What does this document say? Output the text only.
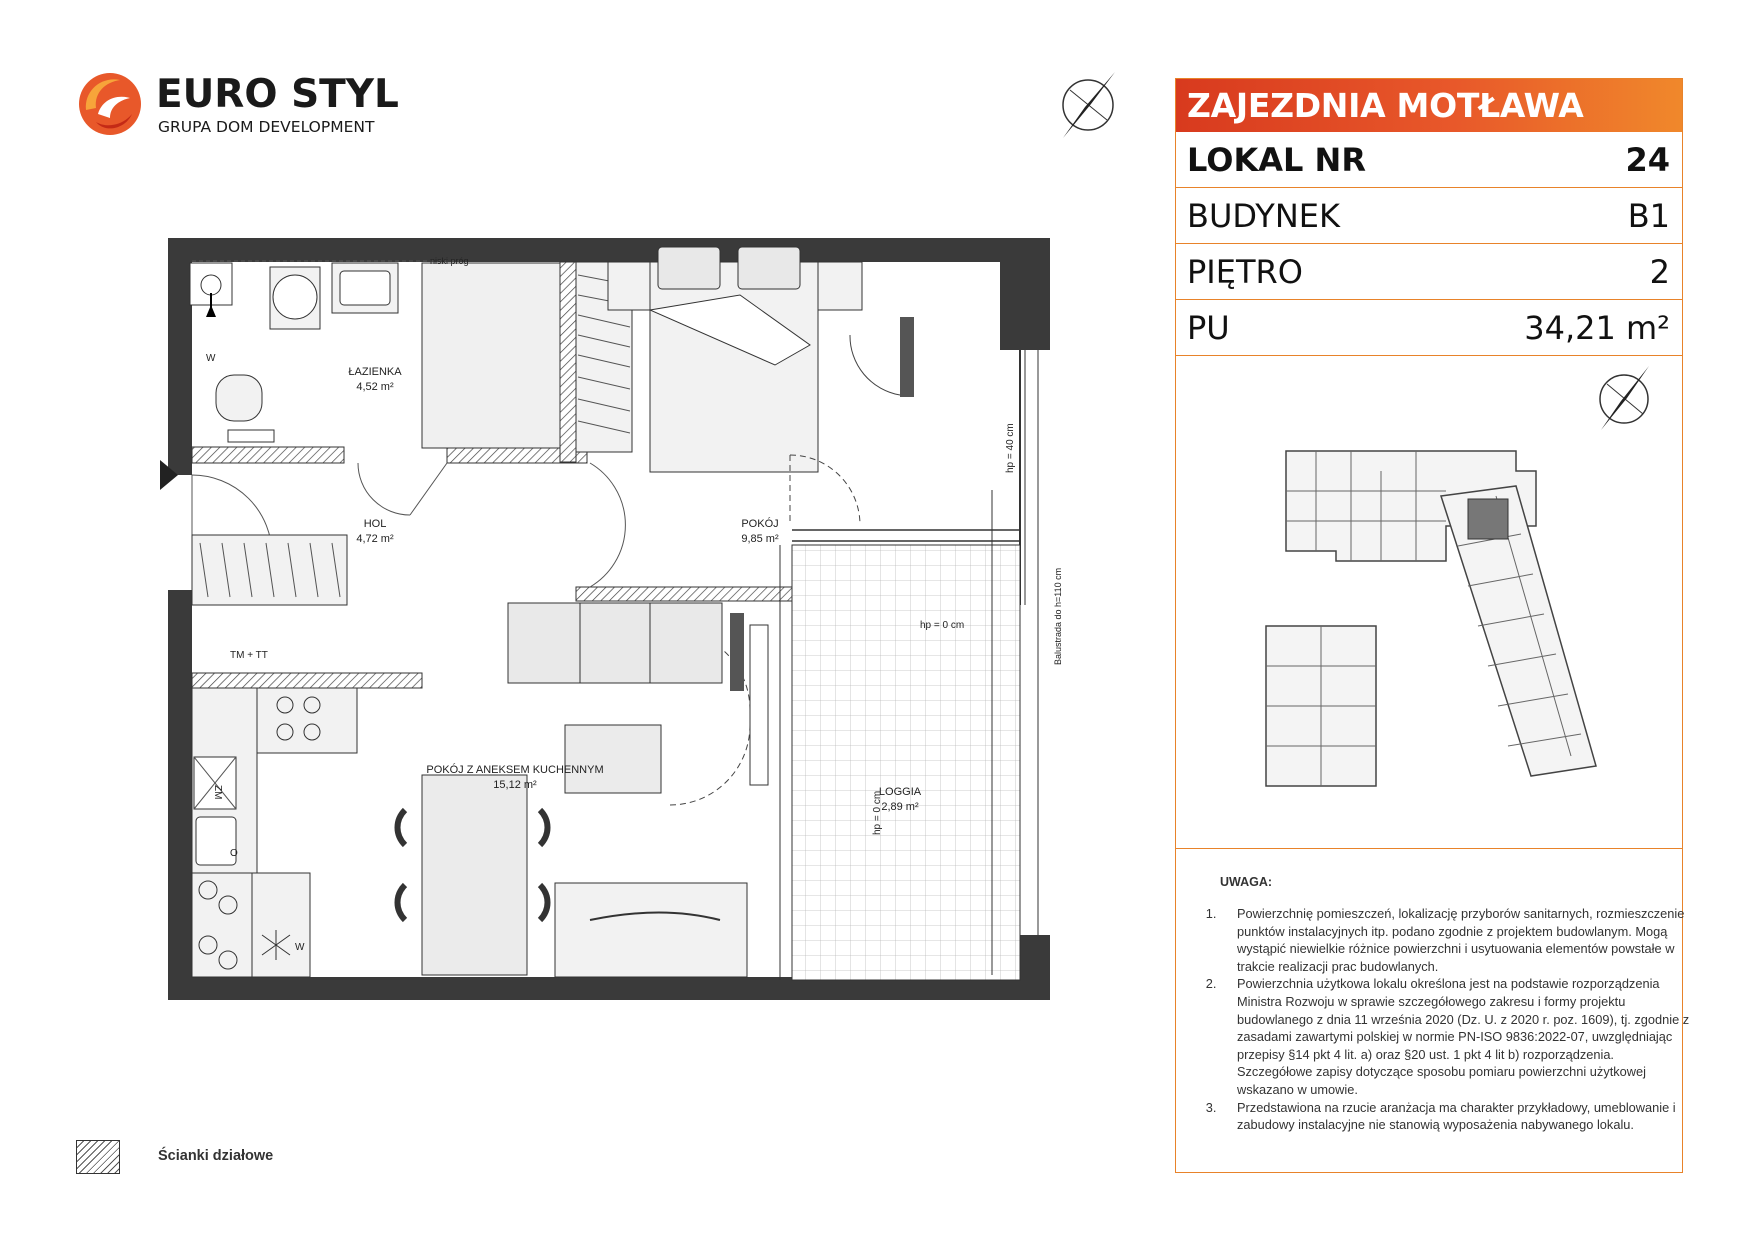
EURO STYL
GRUPA DOM DEVELOPMENT
niski próg
ŁAZIENKA
4,52 m²
HOL
4,72 m²
POKÓJ
9,85 m²
POKÓJ Z ANEKSEM KUCHENNYM
15,12 m²
LOGGIA
2,89 m²
hp = 0 cm
hp = 40 cm
hp = 0 cm
Balustrada do h=110 cm
TM + TT
ZM
W
W
O
ZAJEZDNIA MOTŁAWA
LOKAL NR	24
BUDYNEK	B1
PIĘTRO	2
PU	34,21 m²
UWAGA:
1. Powierzchnię pomieszczeń, lokalizację przyborów sanitarnych, rozmieszczenie punktów instalacyjnych itp. podano zgodnie z projektem budowlanym. Mogą wystąpić niewielkie różnice powierzchni i usytuowania elementów powstałe w trakcie realizacji prac budowlanych.
2. Powierzchnia użytkowa lokalu określona jest na podstawie rozporządzenia Ministra Rozwoju w sprawie szczegółowego zakresu i formy projektu budowlanego z dnia 11 września 2020 (Dz. U. z 2020 r. poz. 1609), tj. zgodnie z zasadami zawartymi polskiej w normie PN-ISO 9836:2022-07, uwzględniając przepisy §14 pkt 4 lit. a) oraz §20 ust. 1 pkt 4 lit b) rozporządzenia. Szczegółowe zapisy dotyczące sposobu pomiaru powierzchni użytkowej wskazano w umowie.
3. Przedstawiona na rzucie aranżacja ma charakter przykładowy, umeblowanie i zabudowy instalacyjne nie stanowią wyposażenia nabywanego lokalu.
Ścianki działowe
